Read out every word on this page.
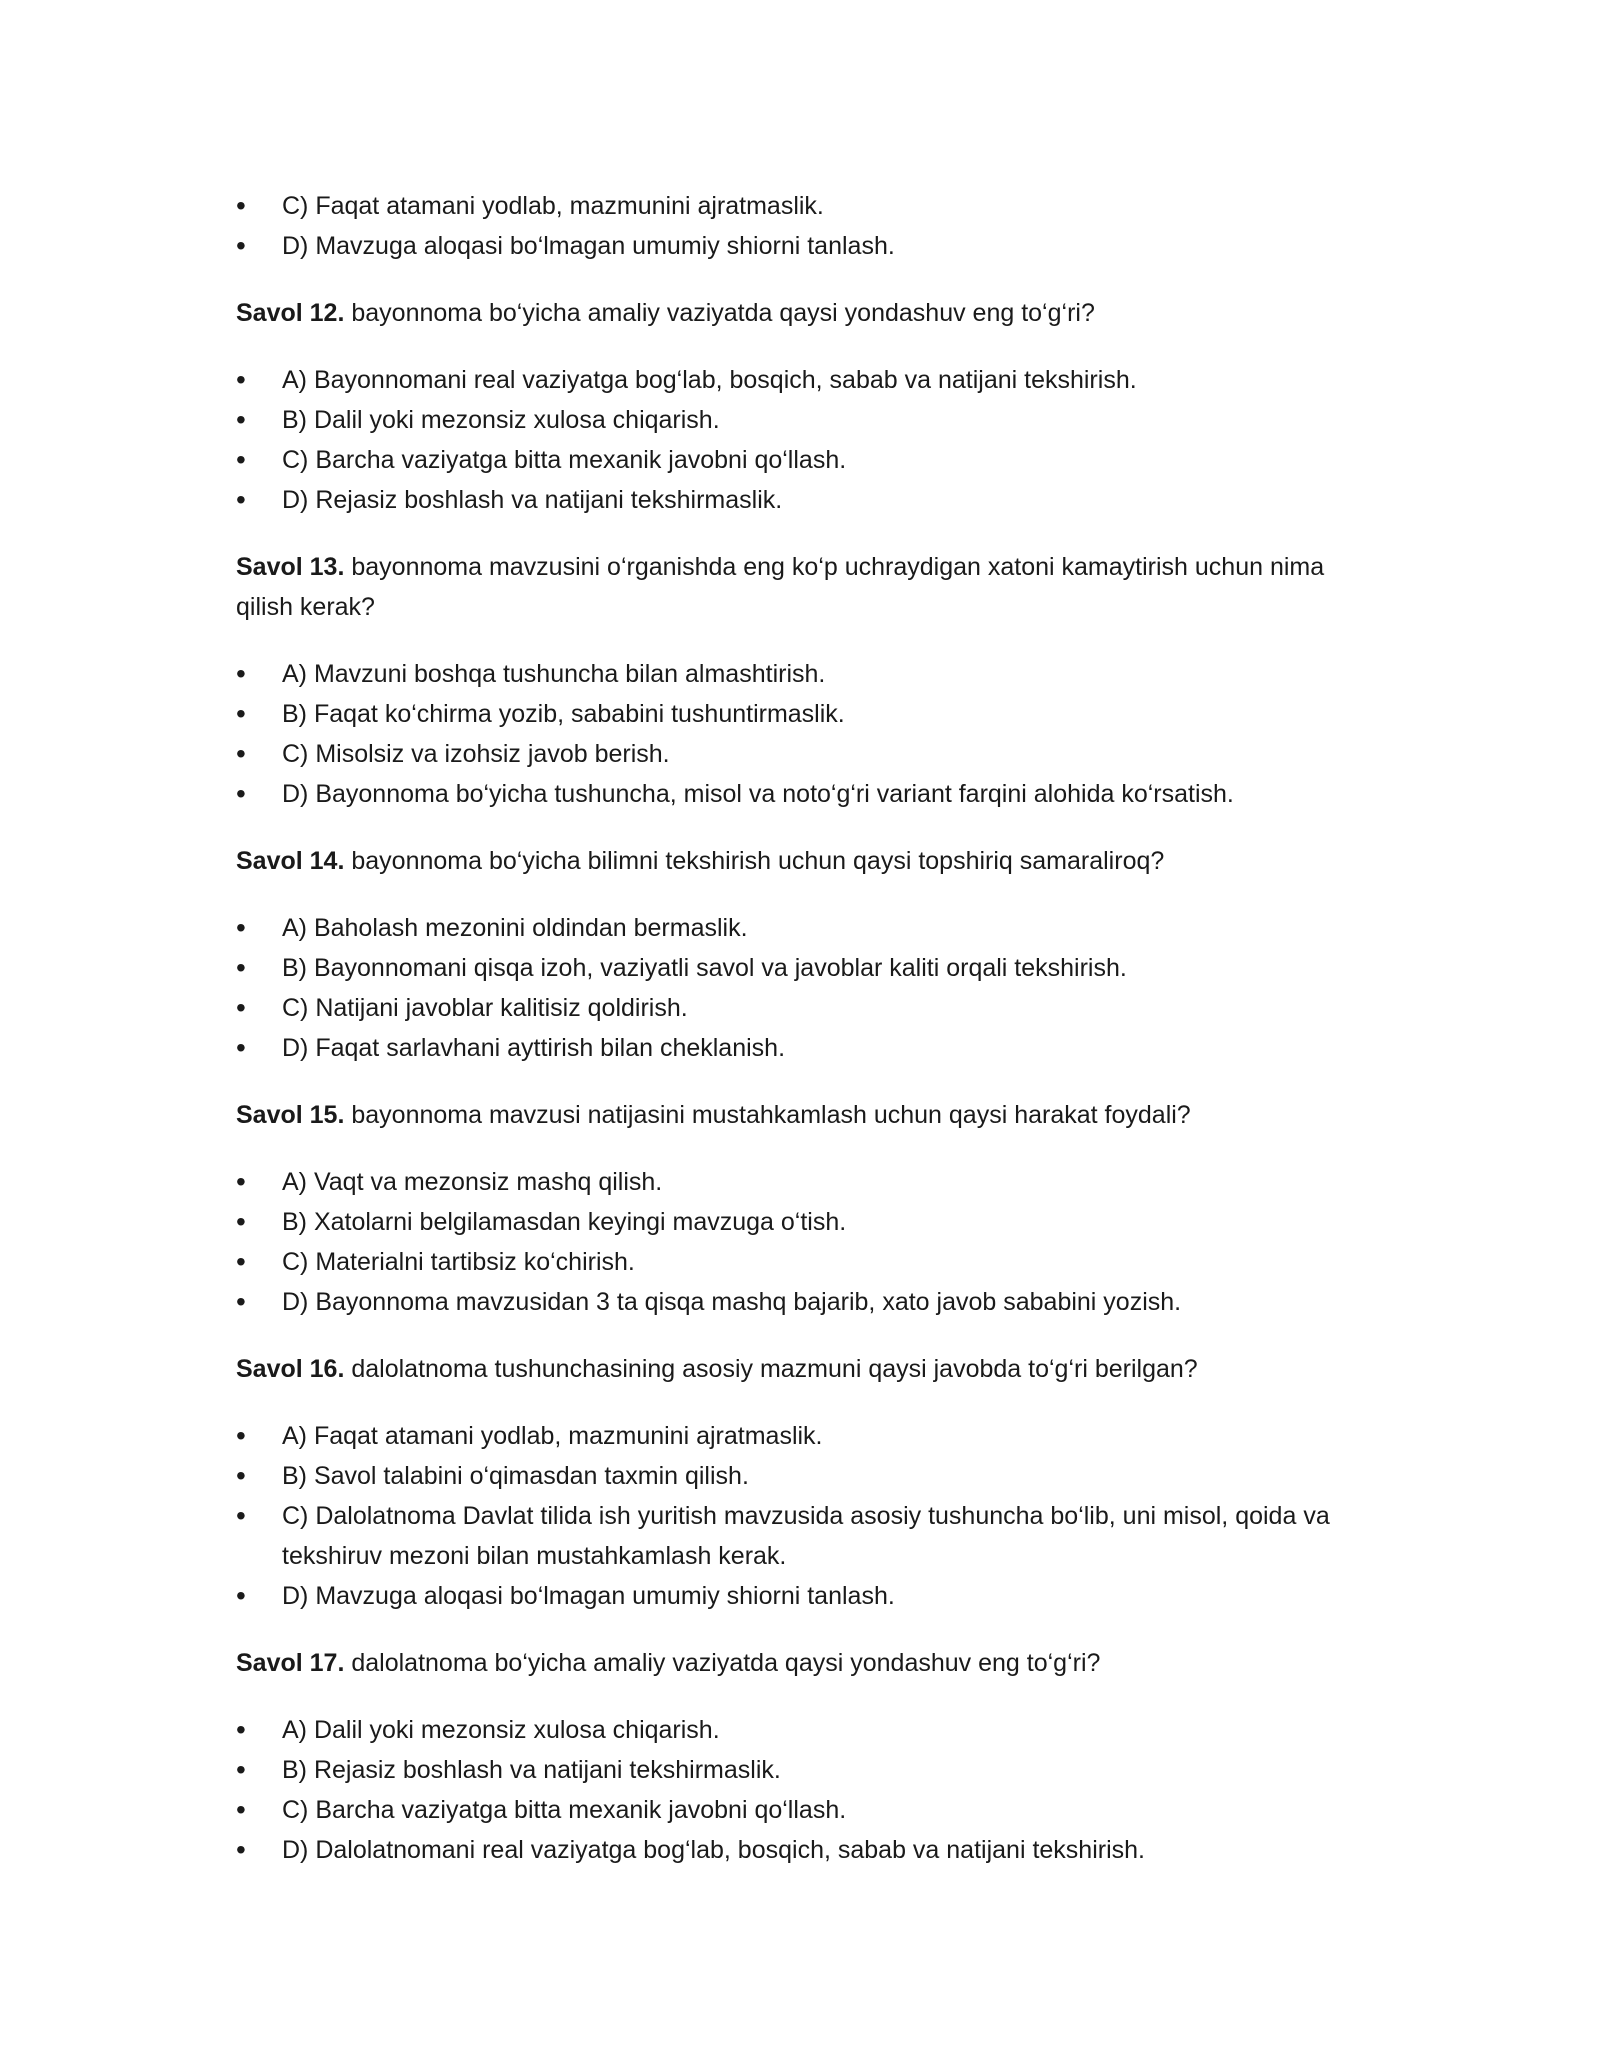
• C) Faqat atamani yodlab, mazmunini ajratmaslik.
• D) Mavzuga aloqasi bo‘lmagan umumiy shiorni tanlash.

Savol 12. bayonnoma bo‘yicha amaliy vaziyatda qaysi yondashuv eng to‘g‘ri?

• A) Bayonnomani real vaziyatga bog‘lab, bosqich, sabab va natijani tekshirish.
• B) Dalil yoki mezonsiz xulosa chiqarish.
• C) Barcha vaziyatga bitta mexanik javobni qo‘llash.
• D) Rejasiz boshlash va natijani tekshirmaslik.

Savol 13. bayonnoma mavzusini o‘rganishda eng ko‘p uchraydigan xatoni kamaytirish uchun nima qilish kerak?

• A) Mavzuni boshqa tushuncha bilan almashtirish.
• B) Faqat ko‘chirma yozib, sababini tushuntirmaslik.
• C) Misolsiz va izohsiz javob berish.
• D) Bayonnoma bo‘yicha tushuncha, misol va noto‘g‘ri variant farqini alohida ko‘rsatish.

Savol 14. bayonnoma bo‘yicha bilimni tekshirish uchun qaysi topshiriq samaraliroq?

• A) Baholash mezonini oldindan bermaslik.
• B) Bayonnomani qisqa izoh, vaziyatli savol va javoblar kaliti orqali tekshirish.
• C) Natijani javoblar kalitisiz qoldirish.
• D) Faqat sarlavhani ayttirish bilan cheklanish.

Savol 15. bayonnoma mavzusi natijasini mustahkamlash uchun qaysi harakat foydali?

• A) Vaqt va mezonsiz mashq qilish.
• B) Xatolarni belgilamasdan keyingi mavzuga o‘tish.
• C) Materialni tartibsiz ko‘chirish.
• D) Bayonnoma mavzusidan 3 ta qisqa mashq bajarib, xato javob sababini yozish.

Savol 16. dalolatnoma tushunchasining asosiy mazmuni qaysi javobda to‘g‘ri berilgan?

• A) Faqat atamani yodlab, mazmunini ajratmaslik.
• B) Savol talabini o‘qimasdan taxmin qilish.
• C) Dalolatnoma Davlat tilida ish yuritish mavzusida asosiy tushuncha bo‘lib, uni misol, qoida va tekshiruv mezoni bilan mustahkamlash kerak.
• D) Mavzuga aloqasi bo‘lmagan umumiy shiorni tanlash.

Savol 17. dalolatnoma bo‘yicha amaliy vaziyatda qaysi yondashuv eng to‘g‘ri?

• A) Dalil yoki mezonsiz xulosa chiqarish.
• B) Rejasiz boshlash va natijani tekshirmaslik.
• C) Barcha vaziyatga bitta mexanik javobni qo‘llash.
• D) Dalolatnomani real vaziyatga bog‘lab, bosqich, sabab va natijani tekshirish.
